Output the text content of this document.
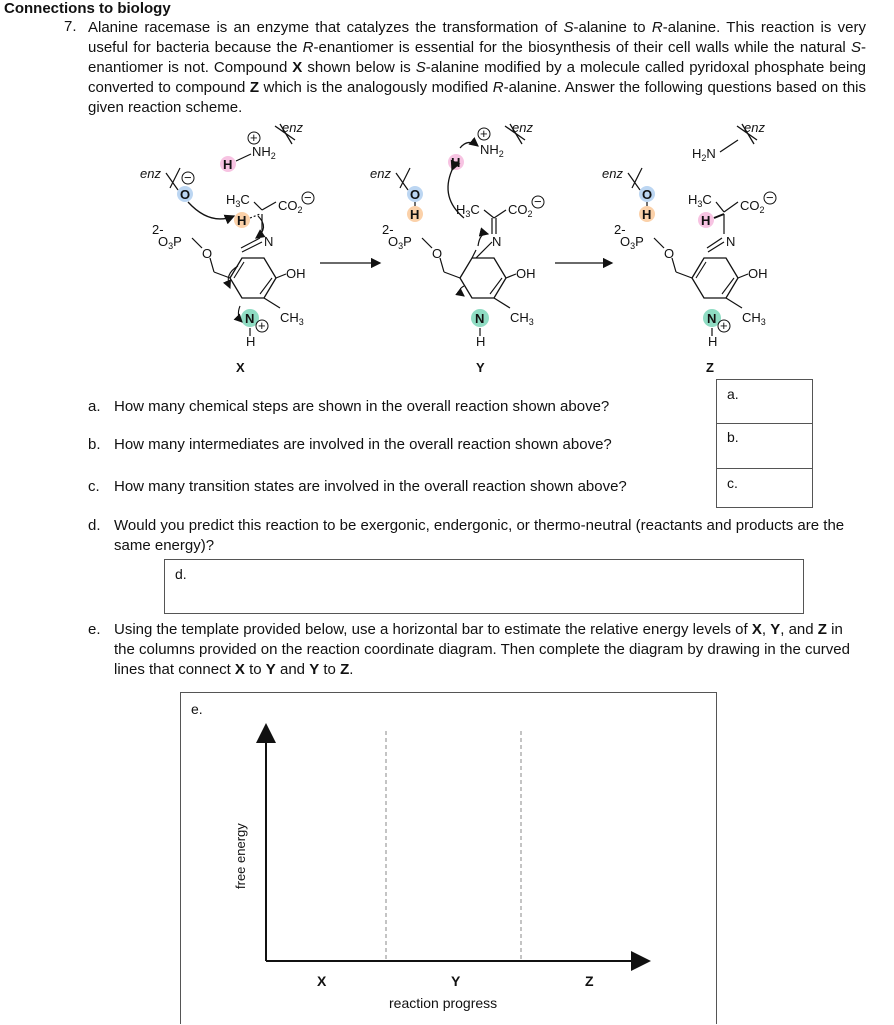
Connections to biology
7. Alanine racemase is an enzyme that catalyzes the transformation of S-alanine to R-alanine. This reaction is very useful for bacteria because the R-enantiomer is essential for the biosynthesis of their cell walls while the natural S-enantiomer is not. Compound X shown below is S-alanine modified by a molecule called pyridoxal phosphate being converted to compound Z which is the analogously modified R-alanine. Answer the following questions based on this given reaction scheme.
enz
+
$NH_2$
H
enz −
O	$H_3C$ $CO_2$
−
H
N
2-
$O_3P$
O
OH
$CH_3$
N +
H
X
enz
+
$NH_2$
H
enz
O
H	$H_3C$ $CO_2$
−
N
2-
$O_3P$
O
OH
$CH_3$
N
H
Y
enz
$H_2N$
enz
O
H
$H_3C$ $CO_2$
−
H
N
2-
$O_3P$
O
OH
$CH_3$
N +
H
Z
a. How many chemical steps are shown in the overall reaction shown above?
b. How many intermediates are involved in the overall reaction shown above?
c. How many transition states are involved in the overall reaction shown above?
a.
b.
c.
d. Would you predict this reaction to be exergonic, endergonic, or thermo-neutral (reactants and products are the same energy)?
d.
e. Using the template provided below, use a horizontal bar to estimate the relative energy levels of X, Y, and Z in the columns provided on the reaction coordinate diagram. Then complete the diagram by drawing in the curved lines that connect X to Y and Y to Z.
e.
free energy
X	Y	Z
reaction progress
